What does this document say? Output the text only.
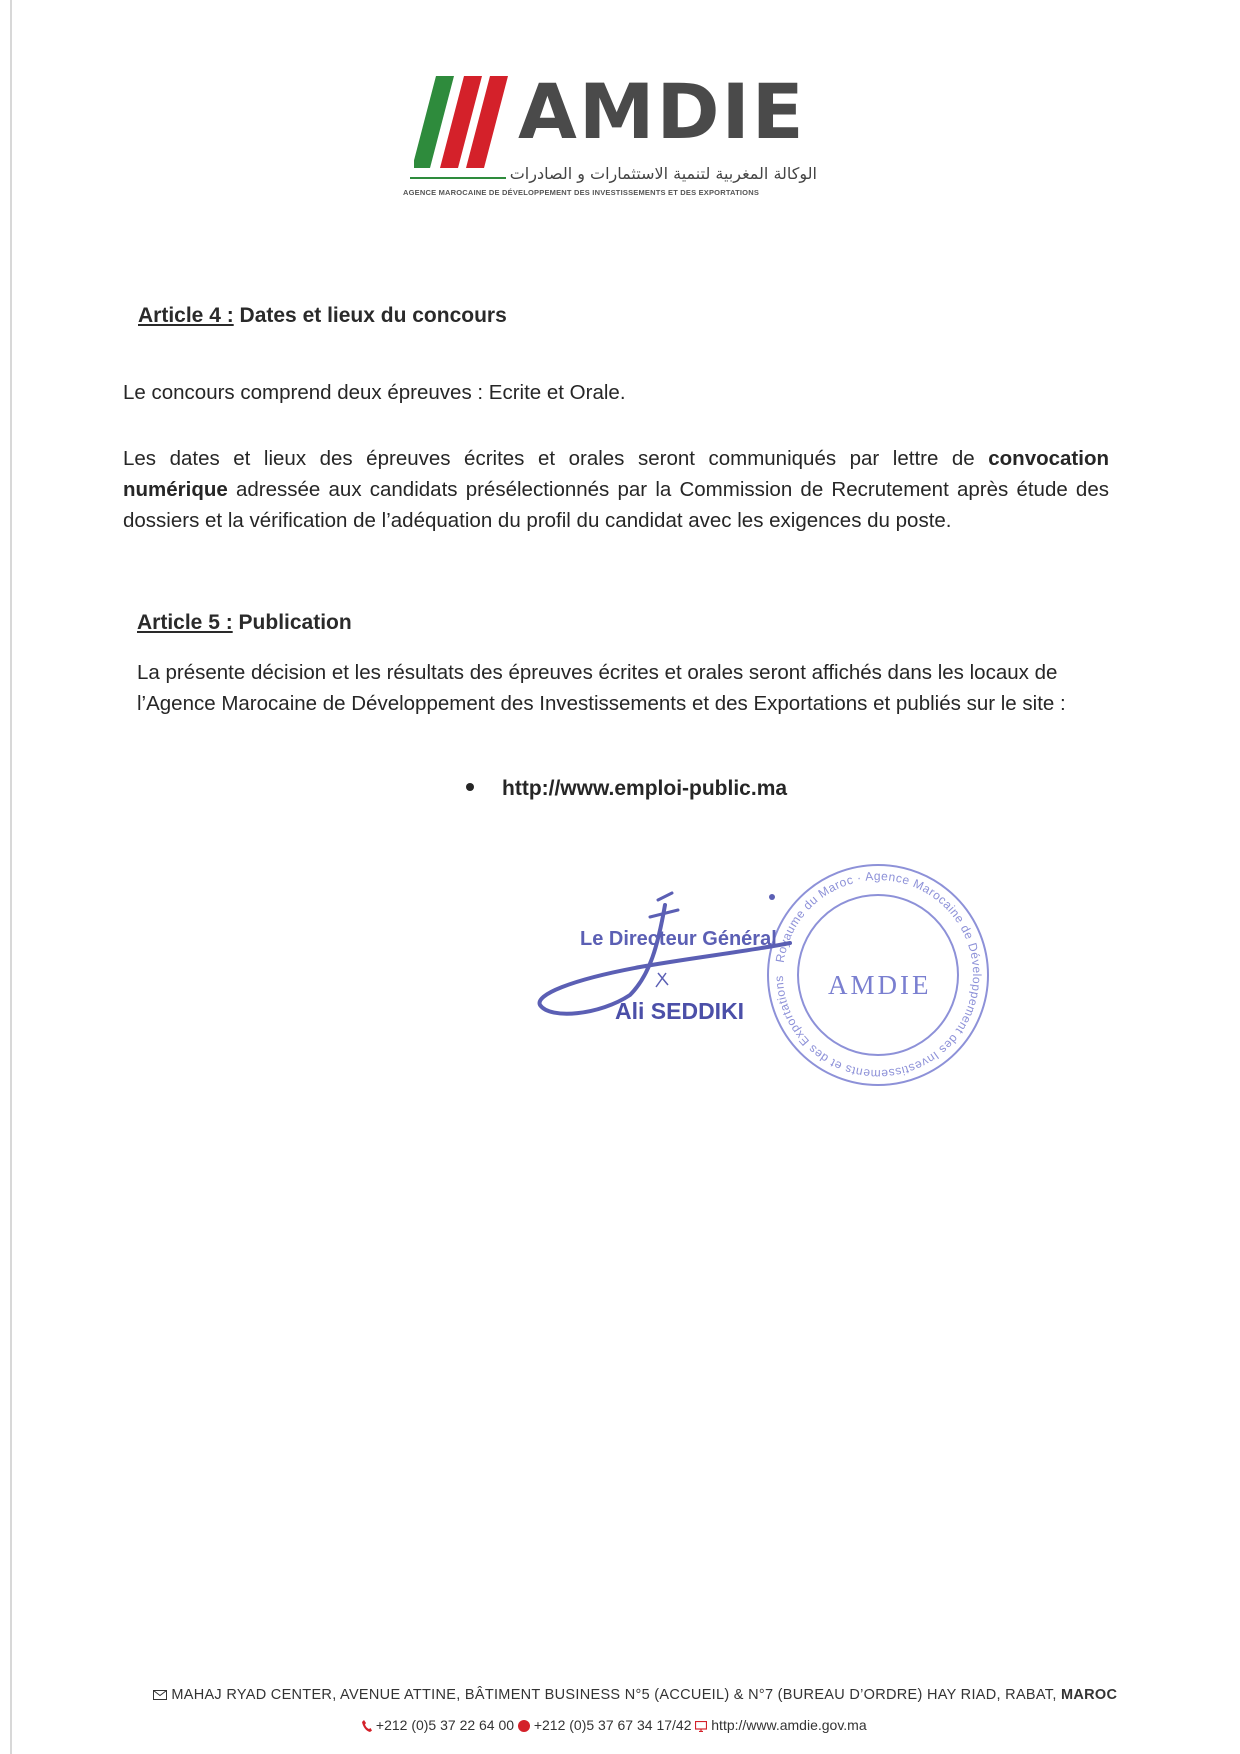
AMDIE
الوكالة المغربية لتنمية الاستثمارات و الصادرات
AGENCE MAROCAINE DE DÉVELOPPEMENT DES INVESTISSEMENTS ET DES EXPORTATIONS
Article 4 : Dates et lieux du concours
Le concours comprend deux épreuves : Ecrite et Orale.
Les dates et lieux des épreuves écrites et orales seront communiqués par lettre de convocation numérique adressée aux candidats présélectionnés par la Commission de Recrutement après étude des dossiers et la vérification de l’adéquation du profil du candidat avec les exigences du poste.
Article 5 : Publication
La présente décision et les résultats des épreuves écrites et orales seront affichés dans les locaux de l’Agence Marocaine de Développement des Investissements et des Exportations et publiés sur le site :
http://www.emploi-public.ma
Royaume du Maroc · Agence Marocaine de Développement des Investissements et des Exportations	AMDIE
Le Directeur Général
Ali SEDDIKI
MAHAJ RYAD CENTER, AVENUE ATTINE, BÂTIMENT BUSINESS N°5 (ACCUEIL) & N°7 (BUREAU D’ORDRE) HAY RIAD, RABAT, MAROC
+212 (0)5 37 22 64 00 +212 (0)5 37 67 34 17/42 http://www.amdie.gov.ma
